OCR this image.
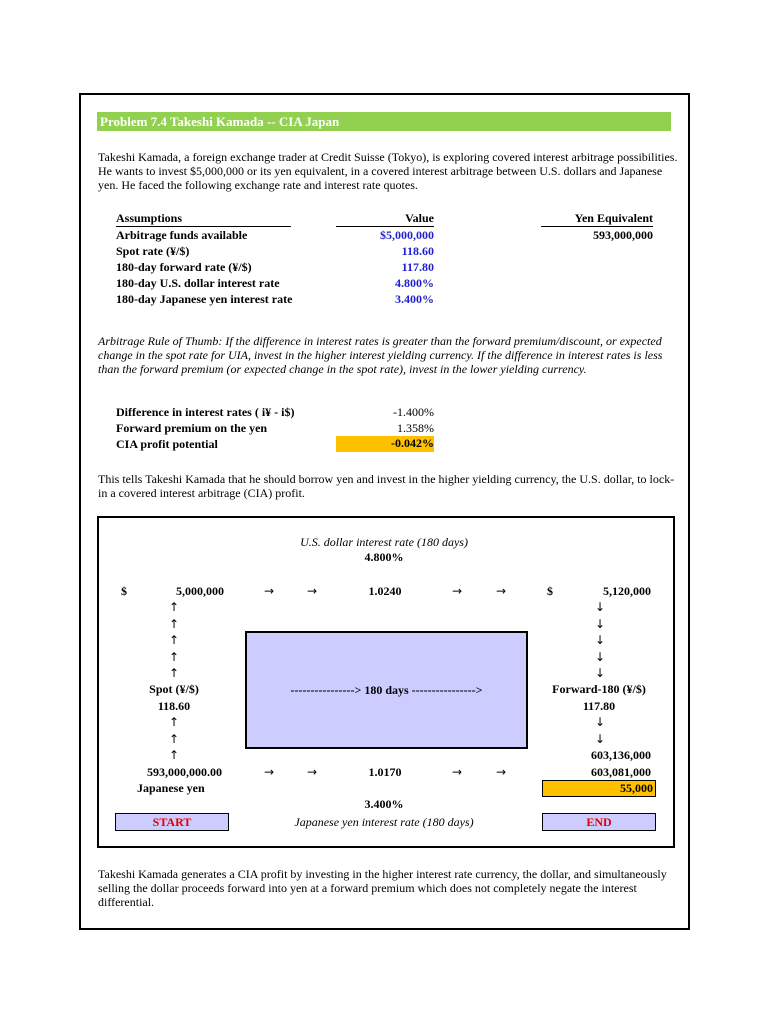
Problem 7.4 Takeshi Kamada -- CIA Japan
Takeshi Kamada, a foreign exchange trader at Credit Suisse (Tokyo), is exploring covered interest arbitrage possibilities. He wants to invest $5,000,000 or its yen equivalent, in a covered interest arbitrage between U.S. dollars and Japanese yen. He faced the following exchange rate and interest rate quotes.
Assumptions	Value	Yen Equivalent
Arbitrage funds available	$5,000,000	593,000,000
Spot rate (¥/$)	118.60
180-day forward rate (¥/$)	117.80
180-day U.S. dollar interest rate	4.800%
180-day Japanese yen interest rate	3.400%
Arbitrage Rule of Thumb: If the difference in interest rates is greater than the forward premium/discount, or expected change in the spot rate for UIA, invest in the higher interest yielding currency. If the difference in interest rates is less than the forward premium (or expected change in the spot rate), invest in the lower yielding currency.
Difference in interest rates ( i¥ - i$)	-1.400%
Forward premium on the yen	1.358%
CIA profit potential	-0.042%
This tells Takeshi Kamada that he should borrow yen and invest in the higher yielding currency, the U.S. dollar, to lock-in a covered interest arbitrage (CIA) profit.
U.S. dollar interest rate (180 days)
4.800%
$	5,000,000	→	→	1.0240	→	→	$	5,120,000
↑
↑
↑
↑
↑
↓
↓
↓
↓
↓
Spot (¥/$)
118.60
----------------> 180 days ---------------->	Forward-180 (¥/$)
117.80
↑
↑
↑
↓
↓
603,136,000
593,000,000.00	→	→	1.0170	→	→	603,081,000
Japanese yen	55,000
3.400%
START	Japanese yen interest rate (180 days)	END
Takeshi Kamada generates a CIA profit by investing in the higher interest rate currency, the dollar, and simultaneously selling the dollar proceeds forward into yen at a forward premium which does not completely negate the interest differential.
